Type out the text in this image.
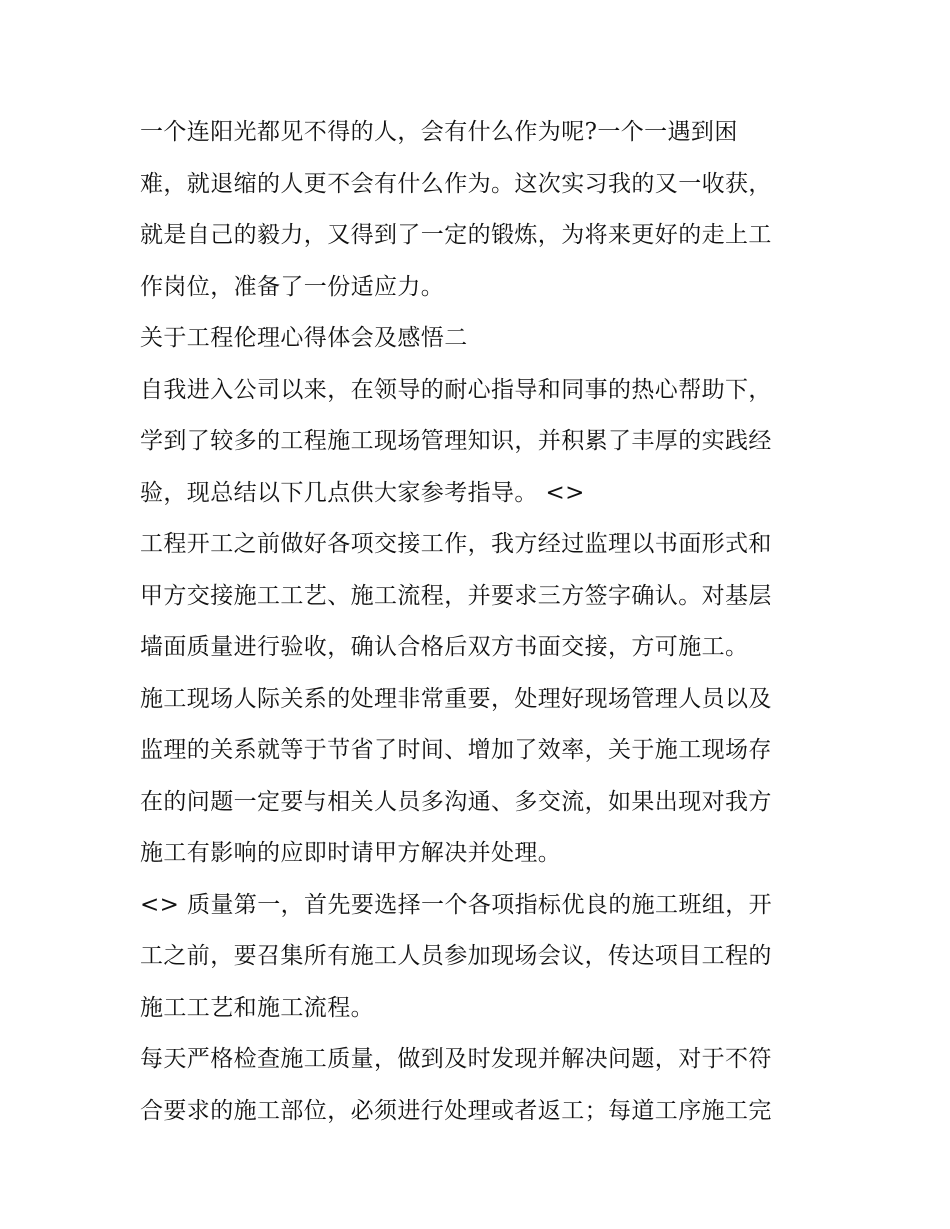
一个连阳光都见不得的人，会有什么作为呢?一个一遇到困
难，就退缩的人更不会有什么作为。这次实习我的又一收获，
就是自己的毅力，又得到了一定的锻炼，为将来更好的走上工
作岗位，准备了一份适应力。
关于工程伦理心得体会及感悟二
自我进入公司以来，在领导的耐心指导和同事的热心帮助下，
学到了较多的工程施工现场管理知识，并积累了丰厚的实践经
验，现总结以下几点供大家参考指导。 <>
工程开工之前做好各项交接工作，我方经过监理以书面形式和
甲方交接施工工艺、施工流程，并要求三方签字确认。对基层
墙面质量进行验收，确认合格后双方书面交接，方可施工。
施工现场人际关系的处理非常重要，处理好现场管理人员以及
监理的关系就等于节省了时间、增加了效率，关于施工现场存
在的问题一定要与相关人员多沟通、多交流，如果出现对我方
施工有影响的应即时请甲方解决并处理。
<> 质量第一，首先要选择一个各项指标优良的施工班组，开
工之前，要召集所有施工人员参加现场会议，传达项目工程的
施工工艺和施工流程。
每天严格检查施工质量，做到及时发现并解决问题，对于不符
合要求的施工部位，必须进行处理或者返工；每道工序施工完
